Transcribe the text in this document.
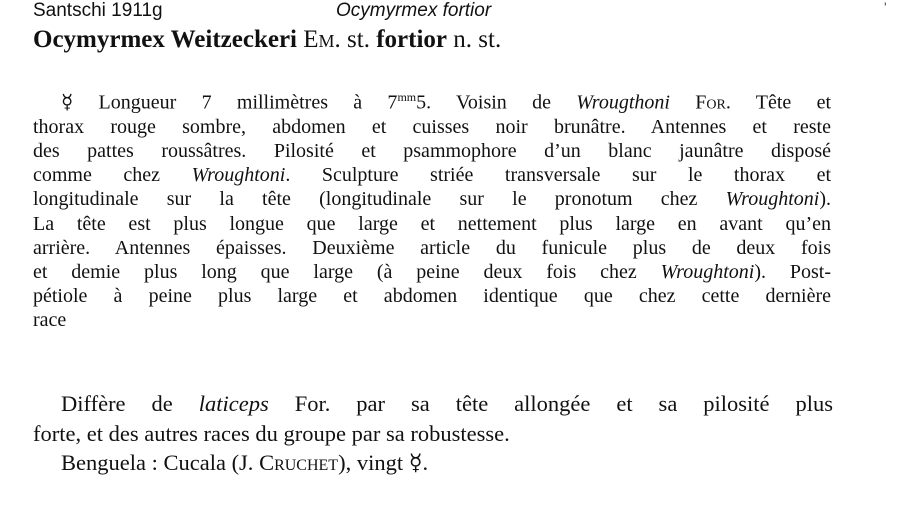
Santschi 1911g	Ocymyrmex fortior	'
Ocymyrmex Weitzeckeri Em. st. fortior n. st.
☿ Longueur 7 millimètres à $7^{mm}5$. Voisin de Wrougthoni For. Tête et
thorax rouge sombre, abdomen et cuisses noir brunâtre. Antennes et reste
des pattes roussâtres. Pilosité et psammophore d’un blanc jaunâtre disposé
comme chez Wroughtoni. Sculpture striée transversale sur le thorax et
longitudinale sur la tête (longitudinale sur le pronotum chez Wroughtoni).
La tête est plus longue que large et nettement plus large en avant qu’en
arrière. Antennes épaisses. Deuxième article du funicule plus de deux fois
et demie plus long que large (à peine deux fois chez Wroughtoni). Post-
pétiole à peine plus large et abdomen identique que chez cette dernière
race
Diffère de laticeps For. par sa tête allongée et sa pilosité plus
forte, et des autres races du groupe par sa robustesse.
Benguela : Cucala (J. Cruchet), vingt ☿.
